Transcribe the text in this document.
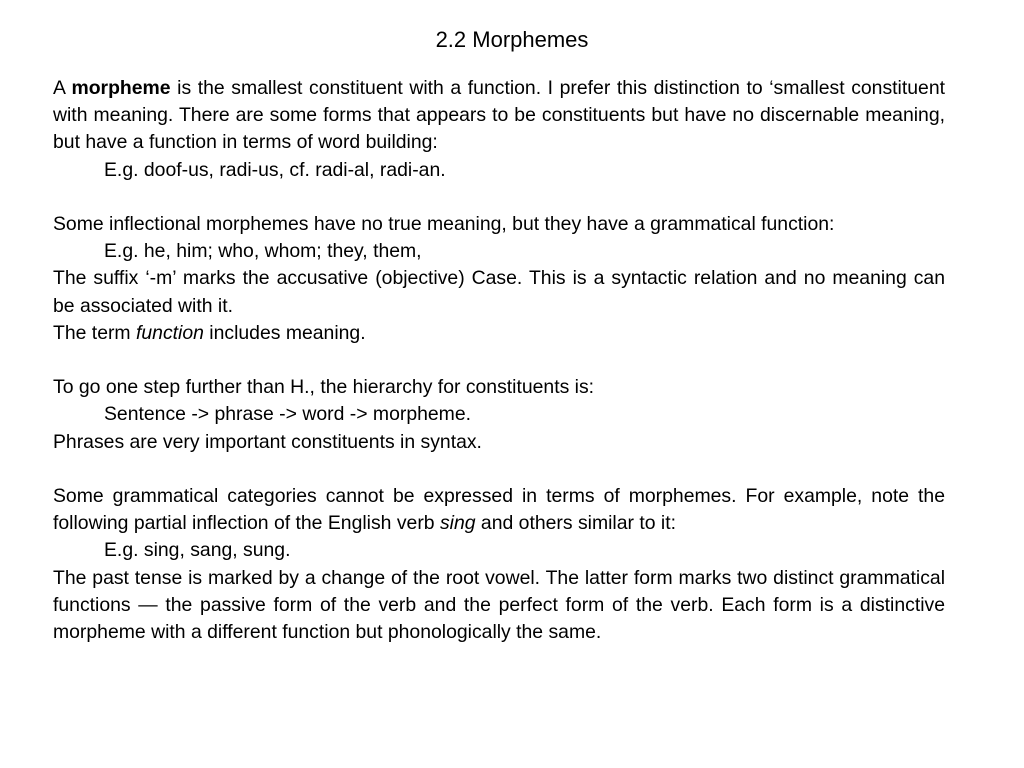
2.2 Morphemes

A morpheme is the smallest constituent with a function. I prefer this distinction to ‘smallest constituent with meaning. There are some forms that appears to be constituents but have no discernable meaning, but have a function in terms of word building:

E.g. doof-us, radi-us, cf. radi-al, radi-an.

Some inflectional morphemes have no true meaning, but they have a grammatical function:

E.g. he, him; who, whom; they, them,

The suffix ‘-m’ marks the accusative (objective) Case. This is a syntactic relation and no meaning can be associated with it.

The term function includes meaning.

To go one step further than H., the hierarchy for constituents is:

Sentence -> phrase -> word -> morpheme.

Phrases are very important constituents in syntax.

Some grammatical categories cannot be expressed in terms of morphemes. For example, note the following partial inflection of the English verb sing and others similar to it:

E.g. sing, sang, sung.

The past tense is marked by a change of the root vowel. The latter form marks two distinct grammatical functions — the passive form of the verb and the perfect form of the verb. Each form is a distinctive morpheme with a different function but phonologically the same.
